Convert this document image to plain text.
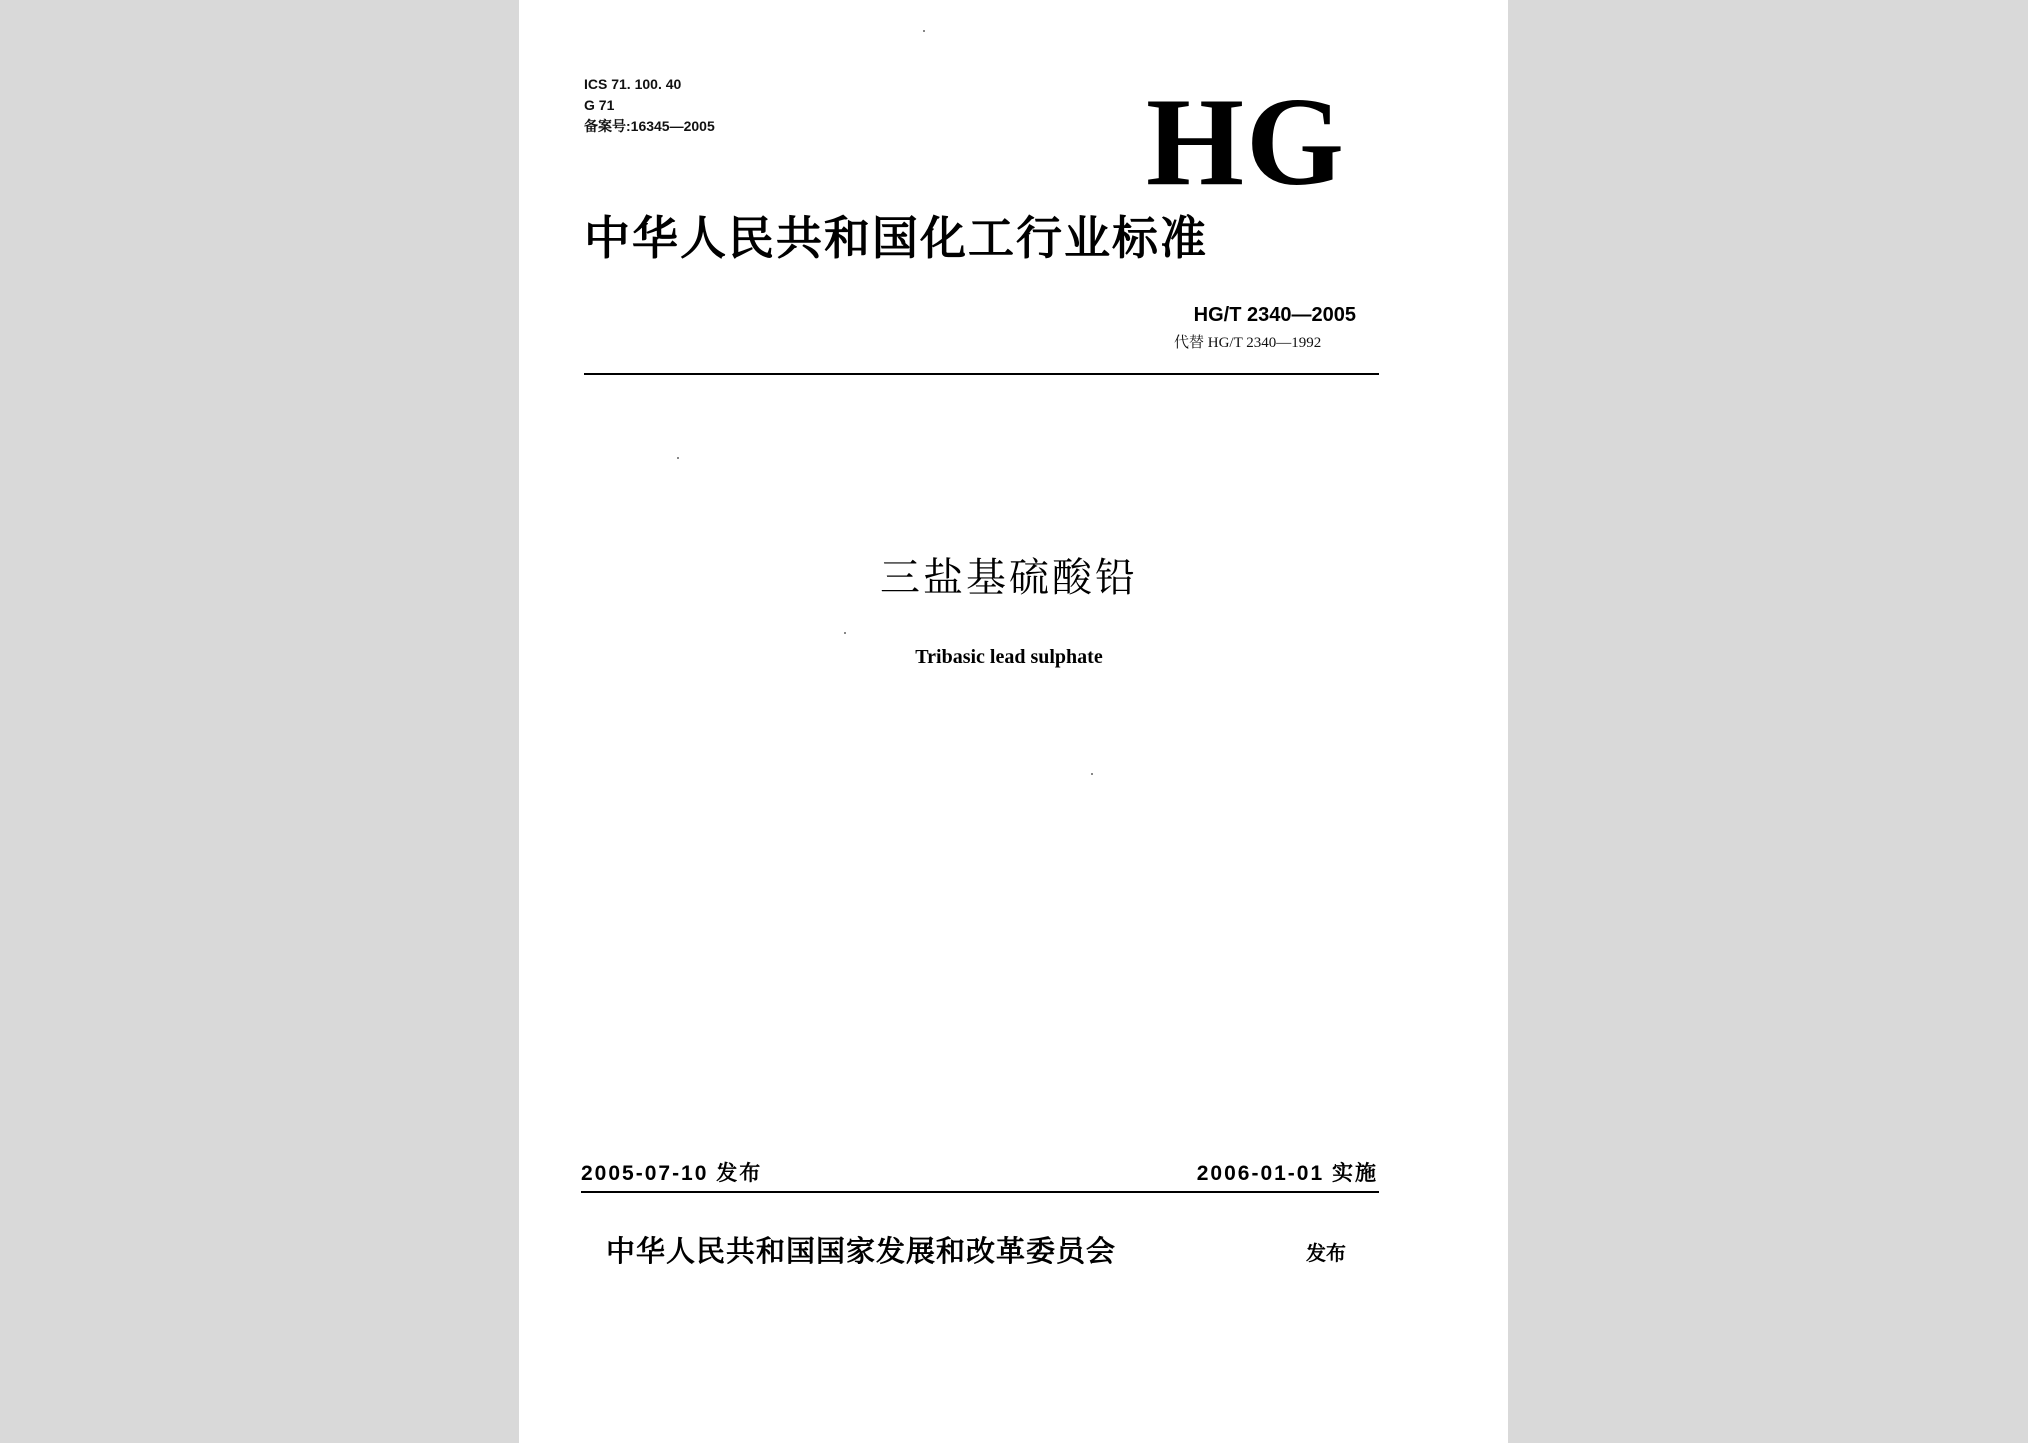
ICS 71. 100. 40
G 71
备案号:16345—2005	HG
中华人民共和国化工行业标准
HG/T 2340—2005
代替 HG/T 2340—1992
三盐基硫酸铅
Tribasic lead sulphate
2005-07-10 发布	2006-01-01 实施
中华人民共和国国家发展和改革委员会	发布
